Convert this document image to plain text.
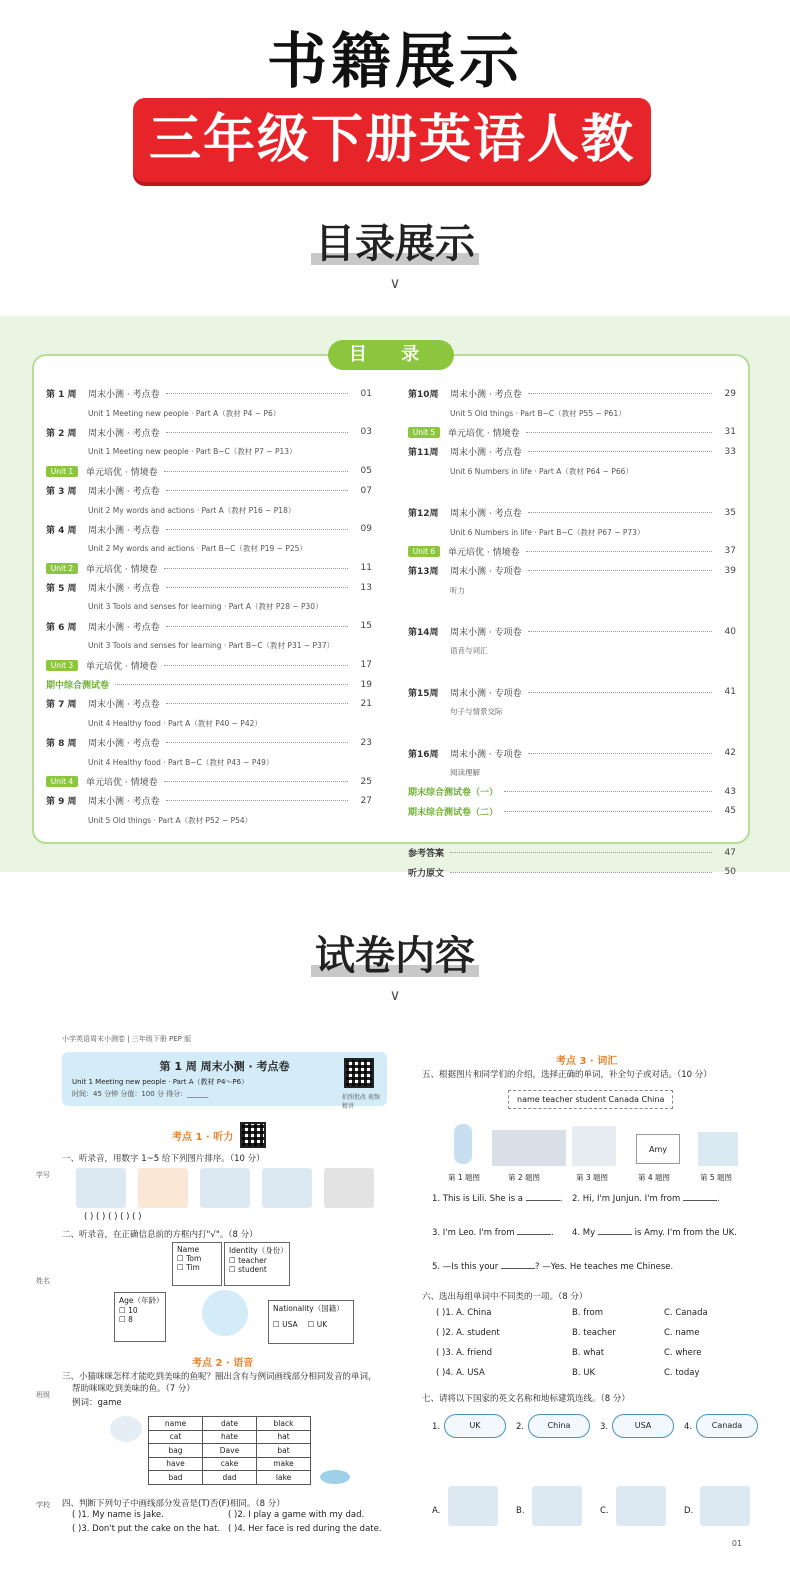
书籍展示
三年级下册英语人教
目录展示
∨
目 录
第 1 周	周末小测 · 考点卷	01
Unit 1 Meeting new people · Part A（教材 P4 ~ P6）
第 2 周	周末小测 · 考点卷	03
Unit 1 Meeting new people · Part B~C（教材 P7 ~ P13）
Unit 1	单元培优 · 情境卷	05
第 3 周	周末小测 · 考点卷	07
Unit 2 My words and actions · Part A（教材 P16 ~ P18）
第 4 周	周末小测 · 考点卷	09
Unit 2 My words and actions · Part B~C（教材 P19 ~ P25）
Unit 2	单元培优 · 情境卷	11
第 5 周	周末小测 · 考点卷	13
Unit 3 Tools and senses for learning · Part A（教材 P28 ~ P30）
第 6 周	周末小测 · 考点卷	15
Unit 3 Tools and senses for learning · Part B~C（教材 P31 ~ P37）
Unit 3	单元培优 · 情境卷	17
期中综合测试卷	19
第 7 周	周末小测 · 考点卷	21
Unit 4 Healthy food · Part A（教材 P40 ~ P42）
第 8 周	周末小测 · 考点卷	23
Unit 4 Healthy food · Part B~C（教材 P43 ~ P49）
Unit 4	单元培优 · 情境卷	25
第 9 周	周末小测 · 考点卷	27
Unit 5 Old things · Part A（教材 P52 ~ P54）
第10周	周末小测 · 考点卷	29
Unit 5 Old things · Part B~C（教材 P55 ~ P61）
Unit 5	单元培优 · 情境卷	31
第11周	周末小测 · 考点卷	33
Unit 6 Numbers in life · Part A（教材 P64 ~ P66）
第12周	周末小测 · 考点卷	35
Unit 6 Numbers in life · Part B~C（教材 P67 ~ P73）
Unit 6	单元培优 · 情境卷	37
第13周	周末小测 · 专项卷	39
听力
第14周	周末小测 · 专项卷	40
语音与词汇
第15周	周末小测 · 专项卷	41
句子与情景交际
第16周	周末小测 · 专项卷	42
阅读理解
期末综合测试卷（一）	43
期末综合测试卷（二）	45
参考答案	47
听力原文	50
试卷内容
∨
小学英语周末小测卷 | 三年级下册 PEP 版
第 1 周 周末小测 · 考点卷
Unit 1 Meeting new people · Part A（教材 P4～P6）
时间：45 分钟 分值：100 分 得分：______	拍照批改 视频精讲
考点 1 · 听力
一、听录音，用数字 1~5 给下列图片排序。（10 分）
( ) ( ) ( ) ( ) ( )
二、听录音，在正确信息前的方框内打"√"。（8 分）
Name
☐ Tom
☐ Tim
Identity（身份）
☐ teacher
☐ student
Age（年龄）
☐ 10
☐ 8
Nationality（国籍）
☐ USA ☐ UK
考点 2 · 语音
三、小猫咪咪怎样才能吃到美味的鱼呢？圈出含有与例词画线部分相同发音的单词，
帮助咪咪吃到美味的鱼。（7 分）
例词：game
name	date	black
cat	hate	hat
bag	Dave	bat
have	cake	make
bad	dad	lake
四、判断下列句子中画线部分发音是(T)否(F)相同。（8 分）
( )1. My name is Jake.	( )2. I play a game with my dad.
( )3. Don't put the cake on the hat. ( )4. Her face is red during the date.
学号
姓名
班级
学校
考点 3 · 词汇
五、根据图片和同学们的介绍，选择正确的单词，补全句子或对话。（10 分）
name teacher student Canada China
Amy
第 1 题图	第 2 题图	第 3 题图	第 4 题图	第 5 题图
1. This is Lili. She is a	. 2. Hi, I'm Junjun. I'm from	.
3. I'm Leo. I'm from	. 4. My	is Amy. I'm from the UK.
5. —Is this your	? —Yes. He teaches me Chinese.
六、选出每组单词中不同类的一项。（8 分）
( )1. A. China	B. from	C. Canada
( )2. A. student	B. teacher	C. name
( )3. A. friend	B. what	C. where
( )4. A. USA	B. UK	C. today
七、请将以下国家的英文名称和地标建筑连线。（8 分）
1.	UK	2.	China	3.	USA	4.	Canada
A.	B.	C.	D.
01
